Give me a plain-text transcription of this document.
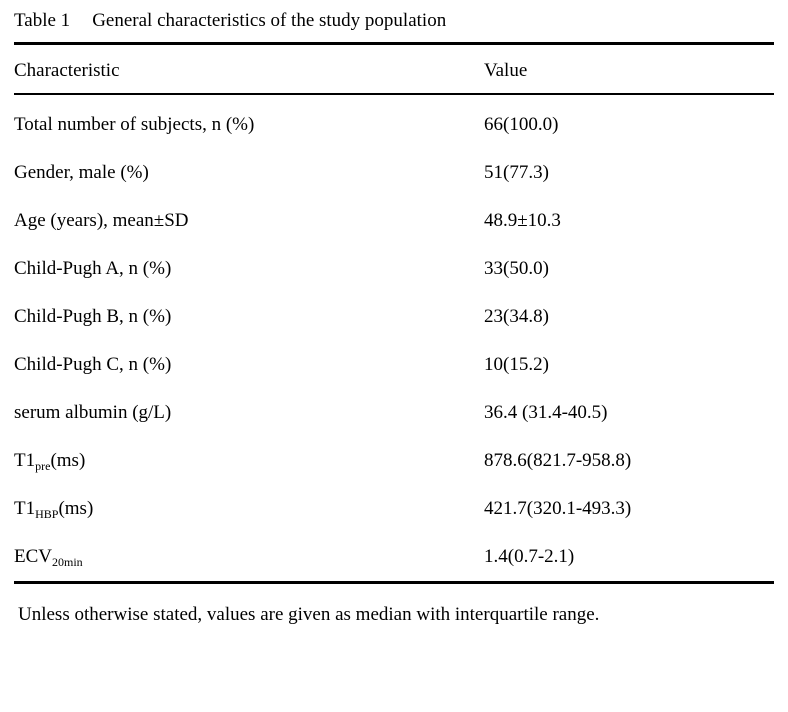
Table 1 General characteristics of the study population
Characteristic	Value
Total number of subjects, n (%)	66(100.0)
Gender, male (%)	51(77.3)
Age (years), mean±SD	48.9±10.3
Child-Pugh A, n (%)	33(50.0)
Child-Pugh B, n (%)	23(34.8)
Child-Pugh C, n (%)	10(15.2)
serum albumin (g/L)	36.4 (31.4-40.5)
$T1_{pre}(ms)$	878.6(821.7-958.8)
$T1_{HBP}(ms)$	421.7(320.1-493.3)
$ECV_{20min}$	1.4(0.7-2.1)

Unless otherwise stated, values are given as median with interquartile range.
